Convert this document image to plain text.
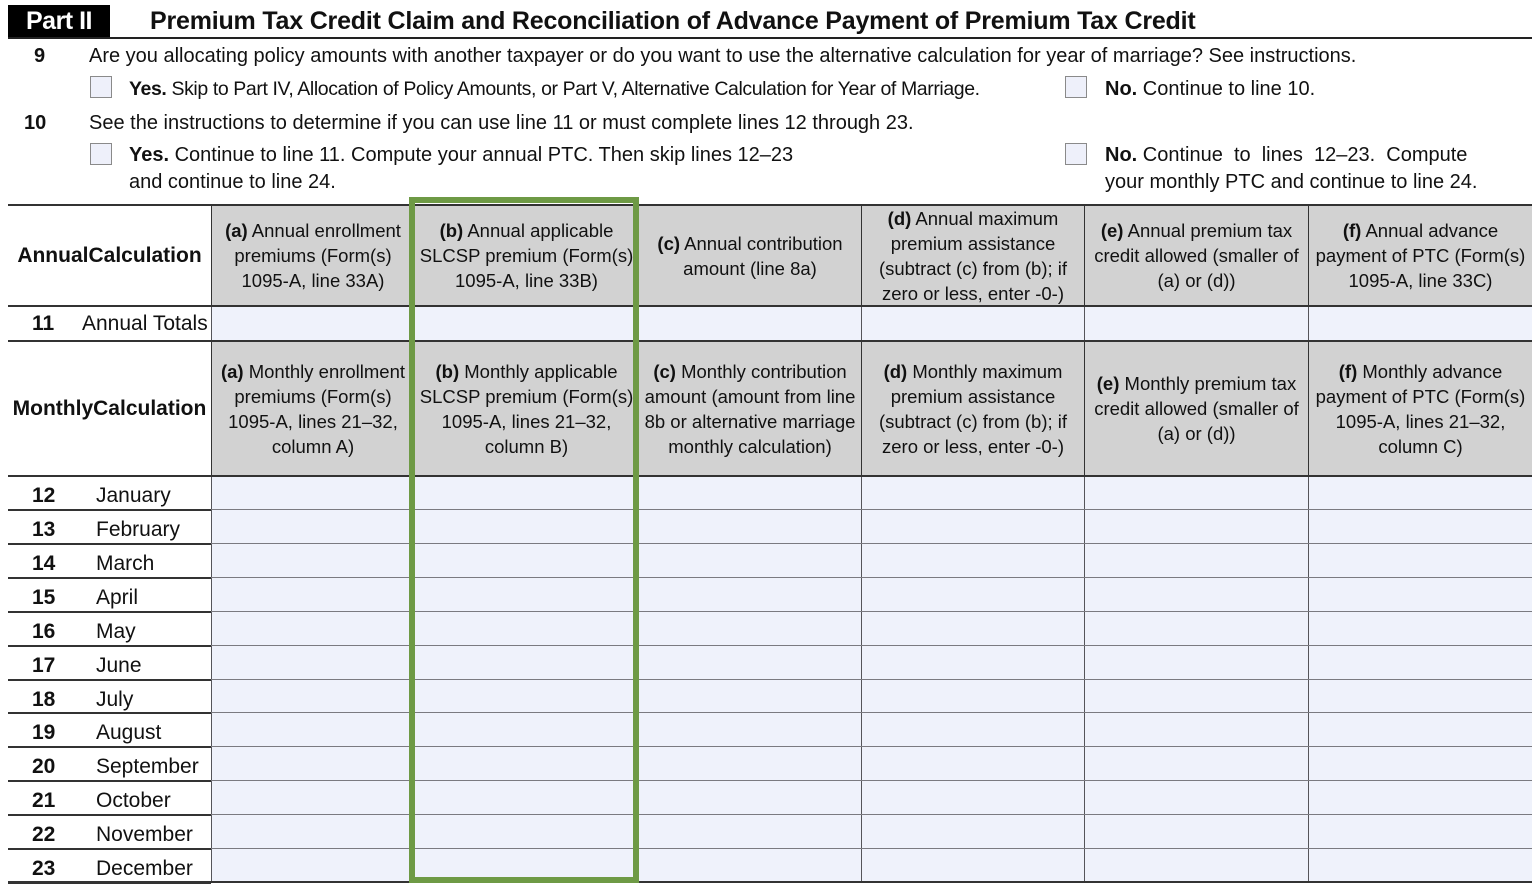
Part II	Premium Tax Credit Claim and Reconciliation of Advance Payment of Premium Tax Credit
9 Are you allocating policy amounts with another taxpayer or do you want to use the alternative calculation for year of marriage? See instructions.
Yes. Skip to Part IV, Allocation of Policy Amounts, or Part V, Alternative Calculation for Year of Marriage.	No. Continue to line 10.
10 See the instructions to determine if you can use line 11 or must complete lines 12 through 23.
Yes. Continue to line 11. Compute your annual PTC. Then skip lines 12–23
and continue to line 24.
No. Continue  to  lines  12–23.  Compute
your monthly PTC and continue to line 24.
Annual Calculation
(a) Annual enrollment premiums (Form(s) 1095-A, line 33A)
(b) Annual applicable SLCSP premium (Form(s) 1095-A, line 33B)
(c) Annual contribution amount (line 8a)
(d) Annual maximum premium assistance (subtract (c) from (b); if zero or less, enter -0-)
(e) Annual premium tax credit allowed (smaller of (a) or (d))
(f) Annual advance payment of PTC (Form(s) 1095-A, line 33C)
11 Annual Totals
Monthly Calculation
(a) Monthly enrollment premiums (Form(s) 1095-A, lines 21–32, column A)
(b) Monthly applicable SLCSP premium (Form(s) 1095-A, lines 21–32, column B)
(c) Monthly contribution amount (amount from line 8b or alternative marriage monthly calculation)
(d) Monthly maximum premium assistance (subtract (c) from (b); if zero or less, enter -0-)
(e) Monthly premium tax credit allowed (smaller of (a) or (d))
(f) Monthly advance payment of PTC (Form(s) 1095-A, lines 21–32, column C)
12 January
13 February
14 March
15 April
16 May
17 June
18 July
19 August
20 September
21 October
22 November
23 December
